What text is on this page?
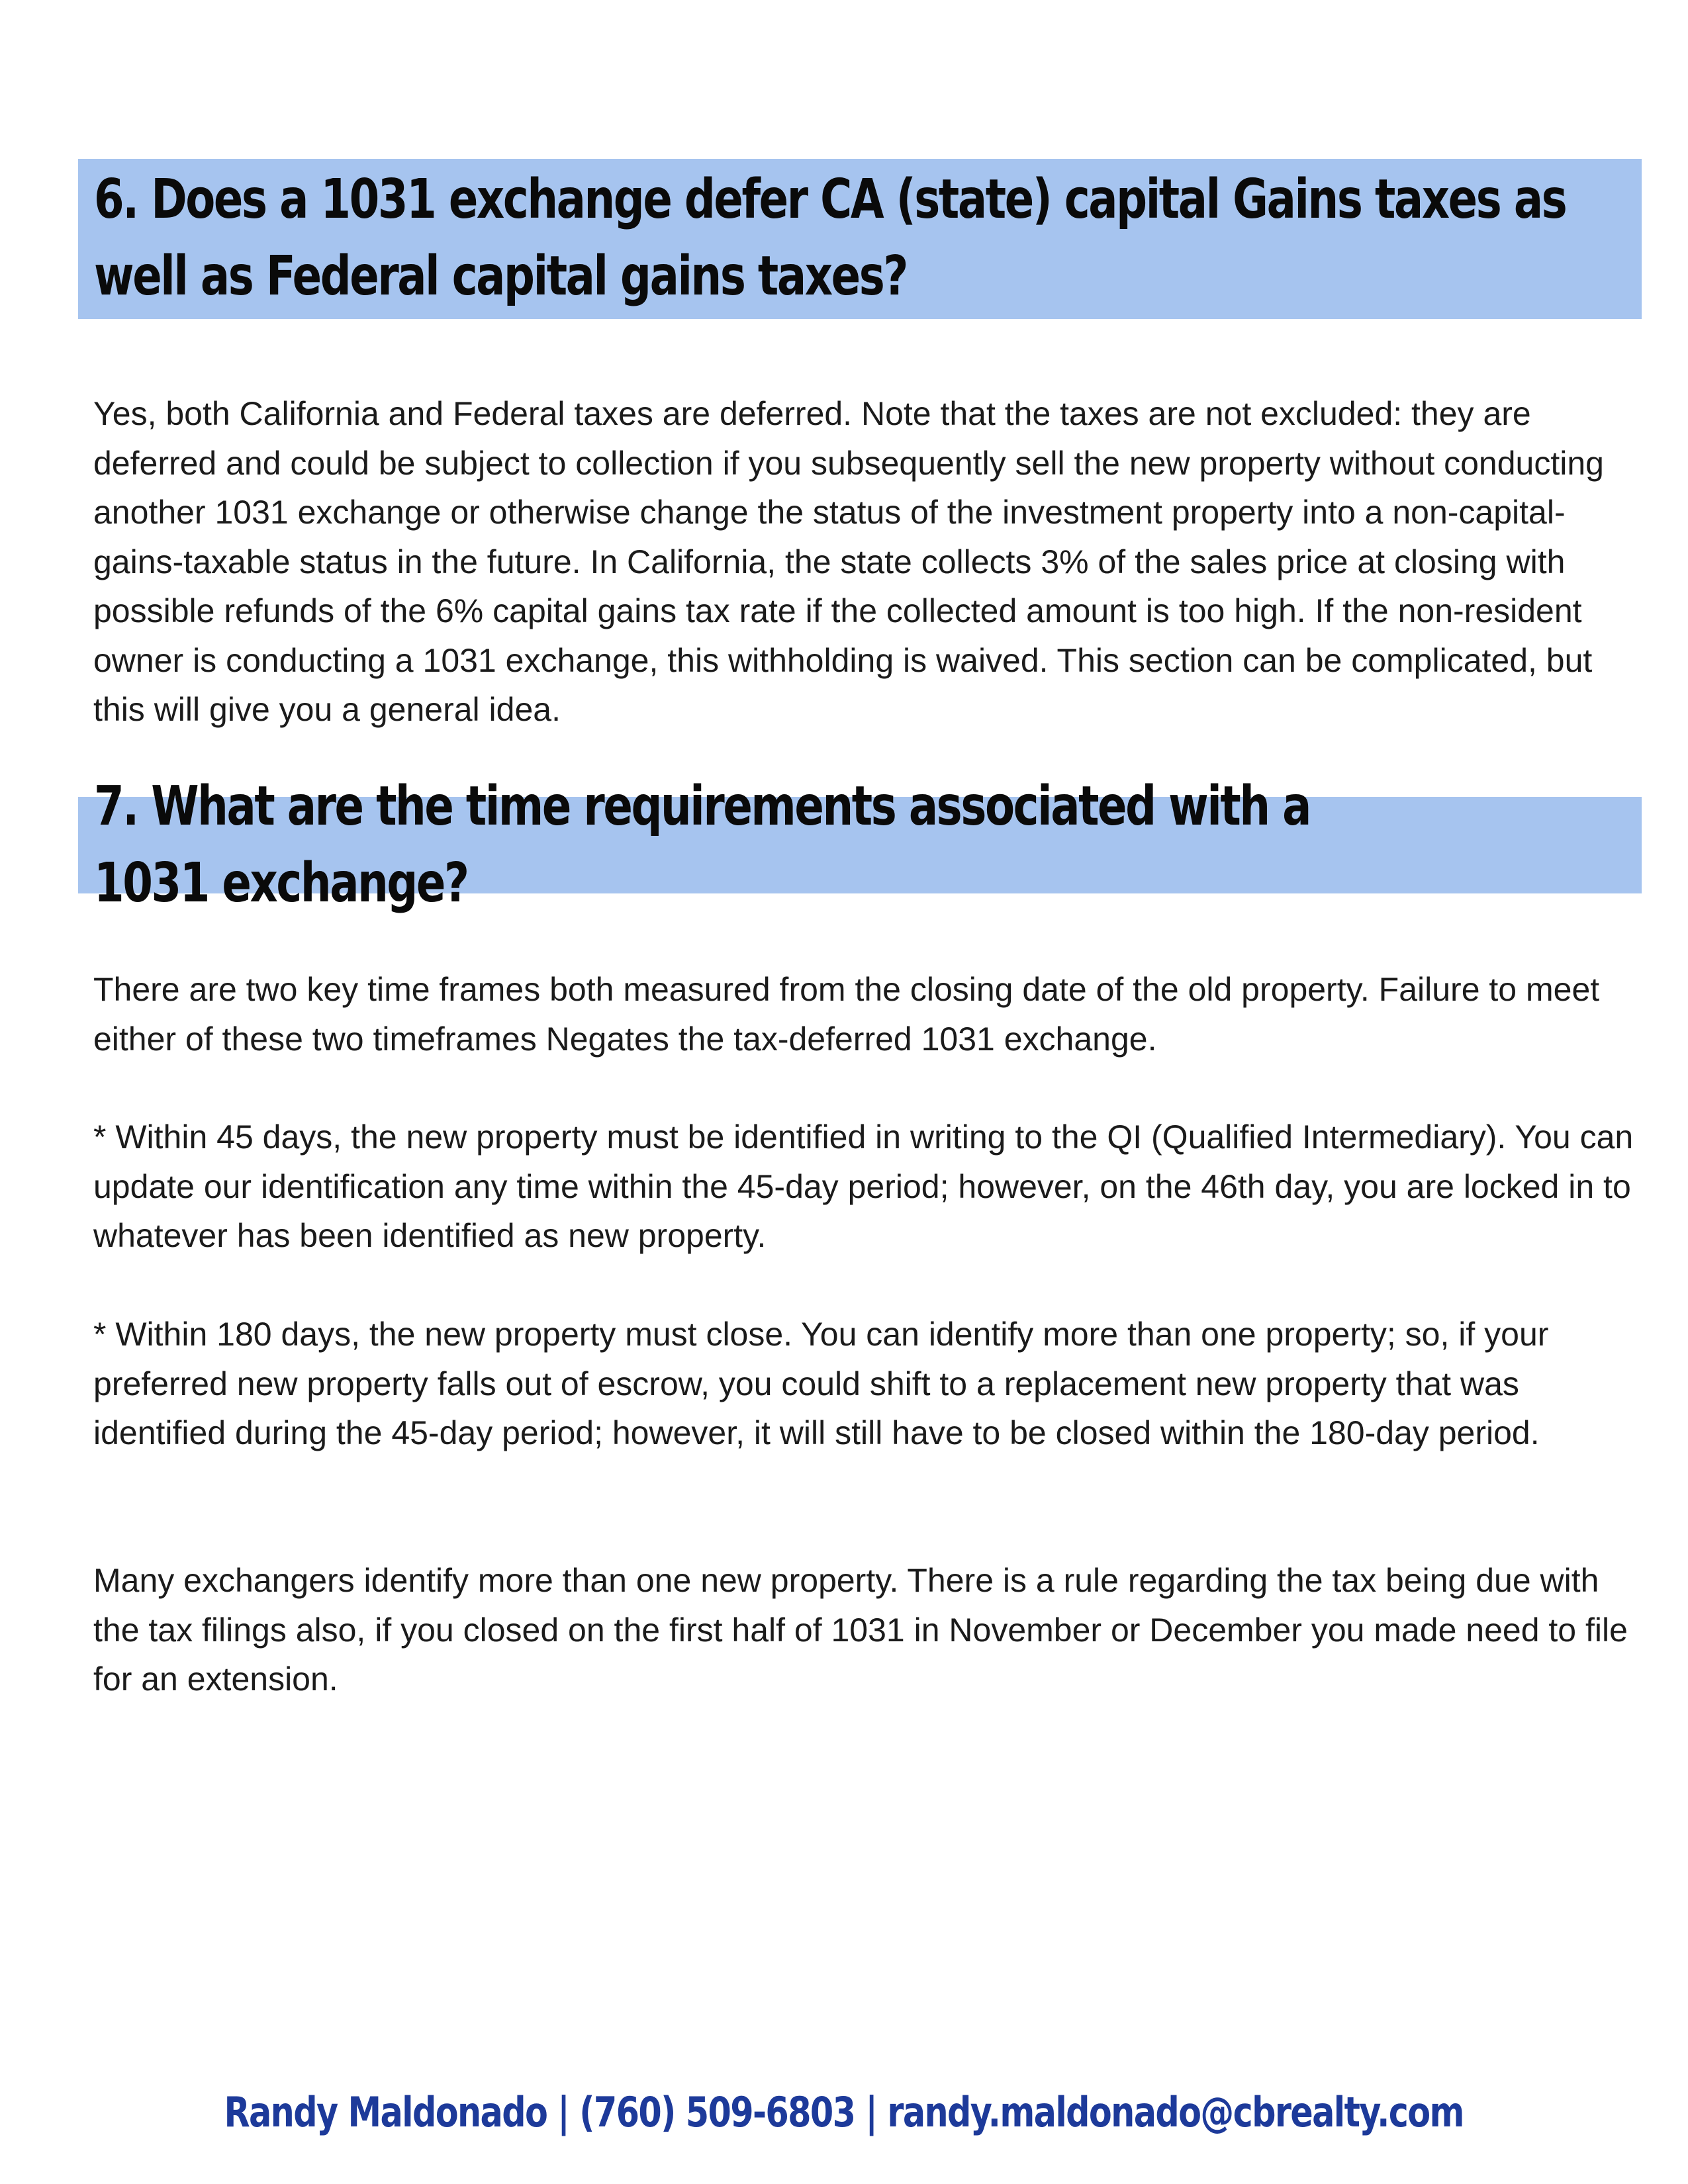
6. Does a 1031 exchange defer CA (state) capital Gains taxes as well as Federal capital gains taxes?

Yes, both California and Federal taxes are deferred. Note that the taxes are not excluded: they are deferred and could be subject to collection if you subsequently sell the new property without conducting another 1031 exchange or otherwise change the status of the investment property into a non-capital-gains-taxable status in the future. In California, the state collects 3% of the sales price at closing with possible refunds of the 6% capital gains tax rate if the collected amount is too high. If the non-resident owner is conducting a 1031 exchange, this withholding is waived. This section can be complicated, but this will give you a general idea.

7. What are the time requirements associated with a 1031 exchange?

There are two key time frames both measured from the closing date of the old property. Failure to meet either of these two timeframes Negates the tax-deferred 1031 exchange.

* Within 45 days, the new property must be identified in writing to the QI (Qualified Intermediary). You can update our identification any time within the 45-day period; however, on the 46th day, you are locked in to whatever has been identified as new property.

* Within 180 days, the new property must close. You can identify more than one property; so, if your preferred new property falls out of escrow, you could shift to a replacement new property that was identified during the 45-day period; however, it will still have to be closed within the 180-day period.

Many exchangers identify more than one new property. There is a rule regarding the tax being due with the tax filings also, if you closed on the first half of 1031 in November or December you made need to file for an extension.

Randy Maldonado | (760) 509-6803 | randy.maldonado@cbrealty.com
